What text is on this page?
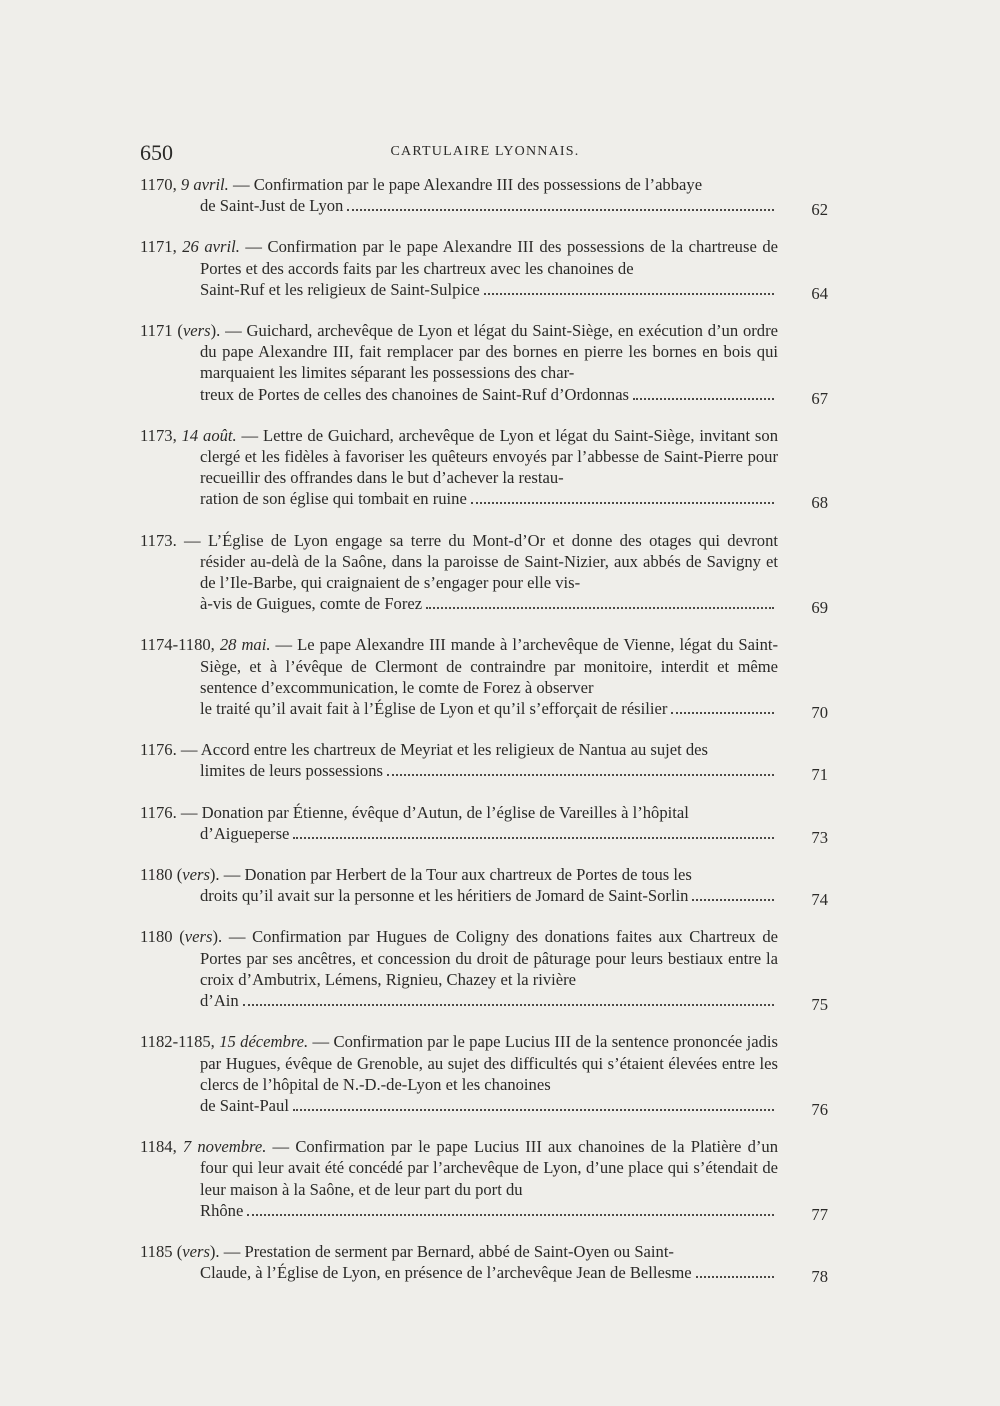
650	CARTULAIRE LYONNAIS.
1170, 9 avril. — Confirmation par le pape Alexandre III des possessions de l’abbaye
de Saint-Just de Lyon	62
1171, 26 avril. — Confirmation par le pape Alexandre III des possessions de la chartreuse de Portes et des accords faits par les chartreux avec les chanoines de
Saint-Ruf et les religieux de Saint-Sulpice	64
1171 (vers). — Guichard, archevêque de Lyon et légat du Saint-Siège, en exécution d’un ordre du pape Alexandre III, fait remplacer par des bornes en pierre les bornes en bois qui marquaient les limites séparant les possessions des char-
treux de Portes de celles des chanoines de Saint-Ruf d’Ordonnas	67
1173, 14 août. — Lettre de Guichard, archevêque de Lyon et légat du Saint-Siège, invitant son clergé et les fidèles à favoriser les quêteurs envoyés par l’abbesse de Saint-Pierre pour recueillir des offrandes dans le but d’achever la restau-
ration de son église qui tombait en ruine	68
1173. — L’Église de Lyon engage sa terre du Mont-d’Or et donne des otages qui devront résider au-delà de la Saône, dans la paroisse de Saint-Nizier, aux abbés de Savigny et de l’Ile-Barbe, qui craignaient de s’engager pour elle vis-
à-vis de Guigues, comte de Forez	69
1174-1180, 28 mai. — Le pape Alexandre III mande à l’archevêque de Vienne, légat du Saint-Siège, et à l’évêque de Clermont de contraindre par monitoire, interdit et même sentence d’excommunication, le comte de Forez à observer
le traité qu’il avait fait à l’Église de Lyon et qu’il s’efforçait de résilier	70
1176. — Accord entre les chartreux de Meyriat et les religieux de Nantua au sujet des
limites de leurs possessions	71
1176. — Donation par Étienne, évêque d’Autun, de l’église de Vareilles à l’hôpital
d’Aigueperse	73
1180 (vers). — Donation par Herbert de la Tour aux chartreux de Portes de tous les
droits qu’il avait sur la personne et les héritiers de Jomard de Saint-Sorlin	74
1180 (vers). — Confirmation par Hugues de Coligny des donations faites aux Chartreux de Portes par ses ancêtres, et concession du droit de pâturage pour leurs bestiaux entre la croix d’Ambutrix, Lémens, Rignieu, Chazey et la rivière
d’Ain	75
1182-1185, 15 décembre. — Confirmation par le pape Lucius III de la sentence prononcée jadis par Hugues, évêque de Grenoble, au sujet des difficultés qui s’étaient élevées entre les clercs de l’hôpital de N.-D.-de-Lyon et les chanoines
de Saint-Paul	76
1184, 7 novembre. — Confirmation par le pape Lucius III aux chanoines de la Platière d’un four qui leur avait été concédé par l’archevêque de Lyon, d’une place qui s’étendait de leur maison à la Saône, et de leur part du port du
Rhône	77
1185 (vers). — Prestation de serment par Bernard, abbé de Saint-Oyen ou Saint-
Claude, à l’Église de Lyon, en présence de l’archevêque Jean de Bellesme	78
